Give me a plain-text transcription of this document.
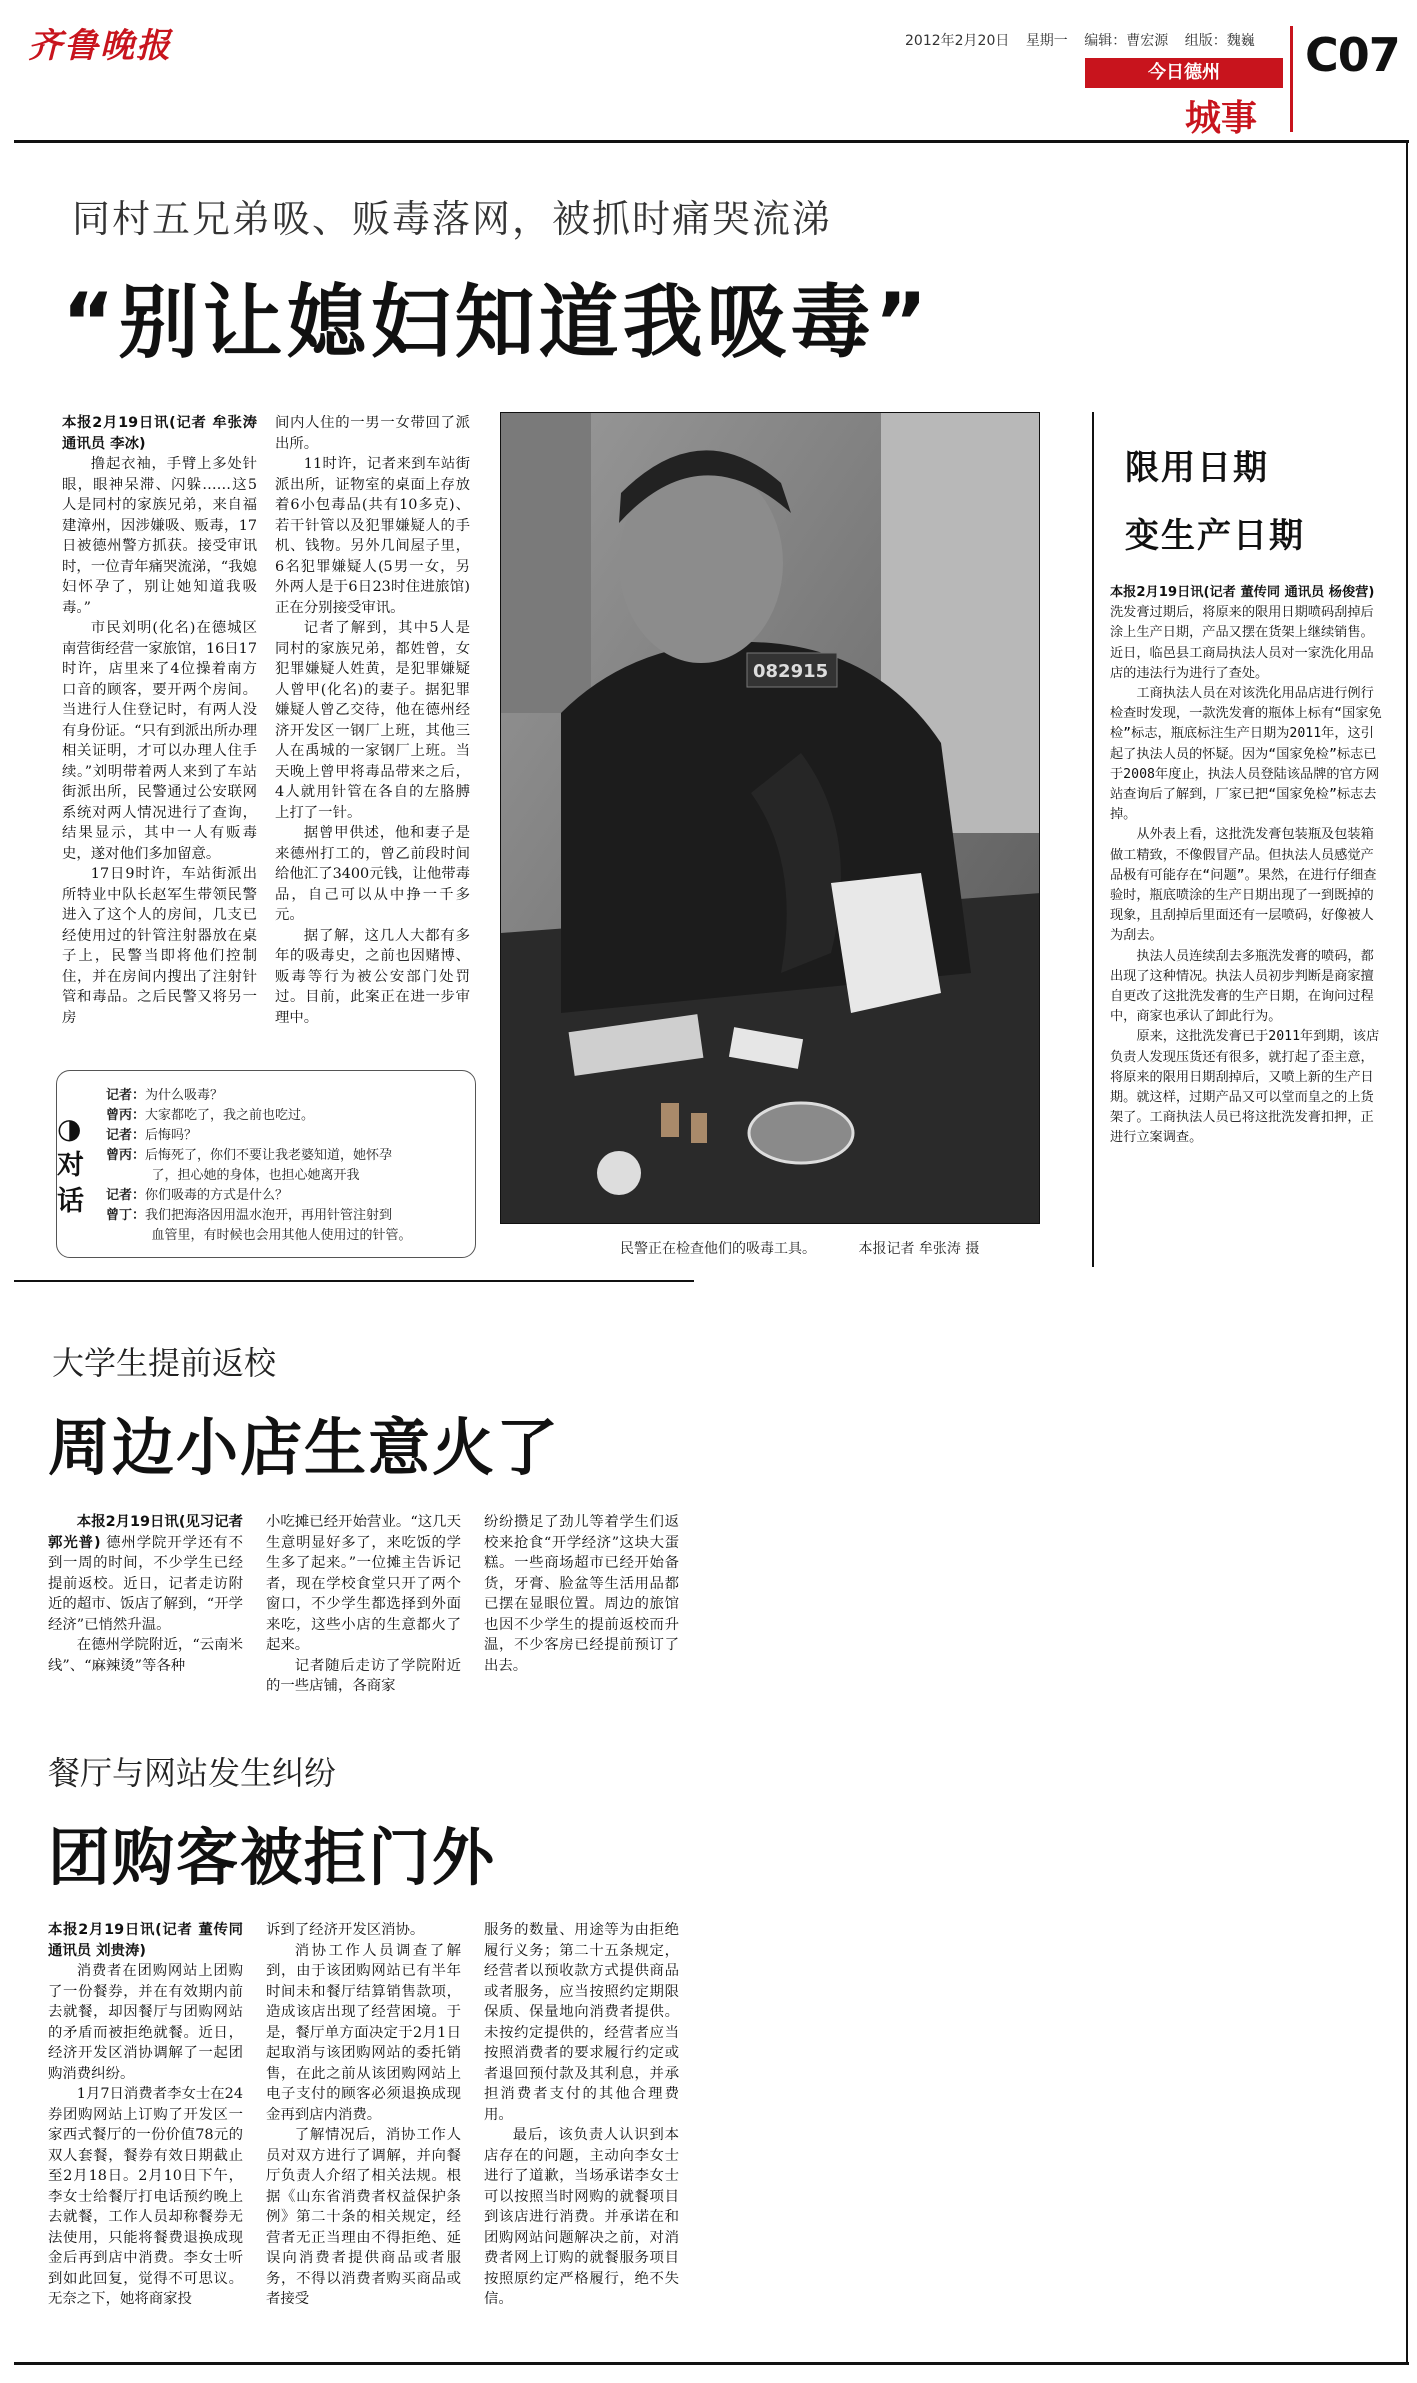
齐鲁晚报	2012年2月20日 星期一 编辑：曹宏源 组版：魏巍 C07
今日德州
城事
同村五兄弟吸、贩毒落网，被抓时痛哭流涕
“别让媳妇知道我吸毒”

本报2月19日讯(记者 牟张涛 通讯员 李冰)

撸起衣袖，手臂上多处针眼，眼神呆滞、闪躲……这5人是同村的家族兄弟，来自福建漳州，因涉嫌吸、贩毒，17日被德州警方抓获。接受审讯时，一位青年痛哭流涕，“我媳妇怀孕了，别让她知道我吸毒。”

市民刘明(化名)在德城区南营街经营一家旅馆，16日17时许，店里来了4位操着南方口音的顾客，要开两个房间。当进行人住登记时，有两人没有身份证。“只有到派出所办理相关证明，才可以办理人住手续。”刘明带着两人来到了车站街派出所，民警通过公安联网系统对两人情况进行了查询，结果显示，其中一人有贩毒史，遂对他们多加留意。

17日9时许，车站街派出所特业中队长赵军生带领民警进入了这个人的房间，几支已经使用过的针管注射器放在桌子上，民警当即将他们控制住，并在房间内搜出了注射针管和毒品。之后民警又将另一房

间内人住的一男一女带回了派出所。

11时许，记者来到车站街派出所，证物室的桌面上存放着6小包毒品(共有10多克)、若干针管以及犯罪嫌疑人的手机、钱物。另外几间屋子里，6名犯罪嫌疑人(5男一女，另外两人是于6日23时住进旅馆)正在分别接受审讯。

记者了解到，其中5人是同村的家族兄弟，都姓曾，女犯罪嫌疑人姓黄，是犯罪嫌疑人曾甲(化名)的妻子。据犯罪嫌疑人曾乙交待，他在德州经济开发区一钢厂上班，其他三人在禹城的一家钢厂上班。当天晚上曾甲将毒品带来之后，4人就用针管在各自的左胳膊上打了一针。

据曾甲供述，他和妻子是来德州打工的，曾乙前段时间给他汇了3400元钱，让他带毒品，自己可以从中挣一千多元。

据了解，这几人大都有多年的吸毒史，之前也因赌博、贩毒等行为被公安部门处罚过。目前，此案正在进一步审理中。

082915
民警正在检查他们的吸毒工具。	本报记者 牟张涛 摄
◑
对话
记者：为什么吸毒？
曾丙：大家都吃了，我之前也吃过。
记者：后悔吗？
曾丙：后悔死了，你们不要让我老婆知道，她怀孕
了，担心她的身体，也担心她离开我
记者：你们吸毒的方式是什么？
曾丁：我们把海洛因用温水泡开，再用针管注射到
血管里，有时候也会用其他人使用过的针管。
限用日期
变生产日期

本报2月19日讯(记者 董传同 通讯员 杨俊营) 洗发膏过期后，将原来的限用日期喷码刮掉后涂上生产日期，产品又摆在货架上继续销售。近日，临邑县工商局执法人员对一家洗化用品店的违法行为进行了查处。

工商执法人员在对该洗化用品店进行例行检查时发现，一款洗发膏的瓶体上标有“国家免检”标志，瓶底标注生产日期为2011年，这引起了执法人员的怀疑。因为“国家免检”标志已于2008年度止，执法人员登陆该品牌的官方网站查询后了解到，厂家已把“国家免检”标志去掉。

从外表上看，这批洗发膏包装瓶及包装箱做工精致，不像假冒产品。但执法人员感觉产品极有可能存在“问题”。果然，在进行仔细查验时，瓶底喷涂的生产日期出现了一到既掉的现象，且刮掉后里面还有一层喷码，好像被人为刮去。

执法人员连续刮去多瓶洗发膏的喷码，都出现了这种情况。执法人员初步判断是商家擅自更改了这批洗发膏的生产日期，在询问过程中，商家也承认了卸此行为。

原来，这批洗发膏已于2011年到期，该店负责人发现压货还有很多，就打起了歪主意，将原来的限用日期刮掉后，又喷上新的生产日期。就这样，过期产品又可以堂而皇之的上货架了。工商执法人员已将这批洗发膏扣押，正进行立案调查。

大学生提前返校
周边小店生意火了

本报2月19日讯(见习记者 郭光普) 德州学院开学还有不到一周的时间，不少学生已经提前返校。近日，记者走访附近的超市、饭店了解到，“开学经济”已悄然升温。

在德州学院附近，“云南米线”、“麻辣烫”等各种

小吃摊已经开始营业。“这几天生意明显好多了，来吃饭的学生多了起来。”一位摊主告诉记者，现在学校食堂只开了两个窗口，不少学生都选择到外面来吃，这些小店的生意都火了起来。

记者随后走访了学院附近的一些店铺，各商家

纷纷攒足了劲儿等着学生们返校来抢食“开学经济”这块大蛋糕。一些商场超市已经开始备货，牙膏、脸盆等生活用品都已摆在显眼位置。周边的旅馆也因不少学生的提前返校而升温，不少客房已经提前预订了出去。

餐厅与网站发生纠纷
团购客被拒门外

本报2月19日讯(记者 董传同 通讯员 刘贵涛)

消费者在团购网站上团购了一份餐券，并在有效期内前去就餐，却因餐厅与团购网站的矛盾而被拒绝就餐。近日，经济开发区消协调解了一起团购消费纠纷。

1月7日消费者李女士在24券团购网站上订购了开发区一家西式餐厅的一份价值78元的双人套餐，餐券有效日期截止至2月18日。2月10日下午，李女士给餐厅打电话预约晚上去就餐，工作人员却称餐券无法使用，只能将餐费退换成现金后再到店中消费。李女士听到如此回复，觉得不可思议。无奈之下，她将商家投

诉到了经济开发区消协。

消协工作人员调查了解到，由于该团购网站已有半年时间未和餐厅结算销售款项，造成该店出现了经营困境。于是，餐厅单方面决定于2月1日起取消与该团购网站的委托销售，在此之前从该团购网站上电子支付的顾客必须退换成现金再到店内消费。

了解情况后，消协工作人员对双方进行了调解，并向餐厅负责人介绍了相关法规。根据《山东省消费者权益保护条例》第二十条的相关规定，经营者无正当理由不得拒绝、延误向消费者提供商品或者服务，不得以消费者购买商品或者接受

服务的数量、用途等为由拒绝履行义务；第二十五条规定，经营者以预收款方式提供商品或者服务，应当按照约定期限保质、保量地向消费者提供。未按约定提供的，经营者应当按照消费者的要求履行约定或者退回预付款及其利息，并承担消费者支付的其他合理费用。

最后，该负责人认识到本店存在的问题，主动向李女士进行了道歉，当场承诺李女士可以按照当时网购的就餐项目到该店进行消费。并承诺在和团购网站问题解决之前，对消费者网上订购的就餐服务项目按照原约定严格履行，绝不失信。
